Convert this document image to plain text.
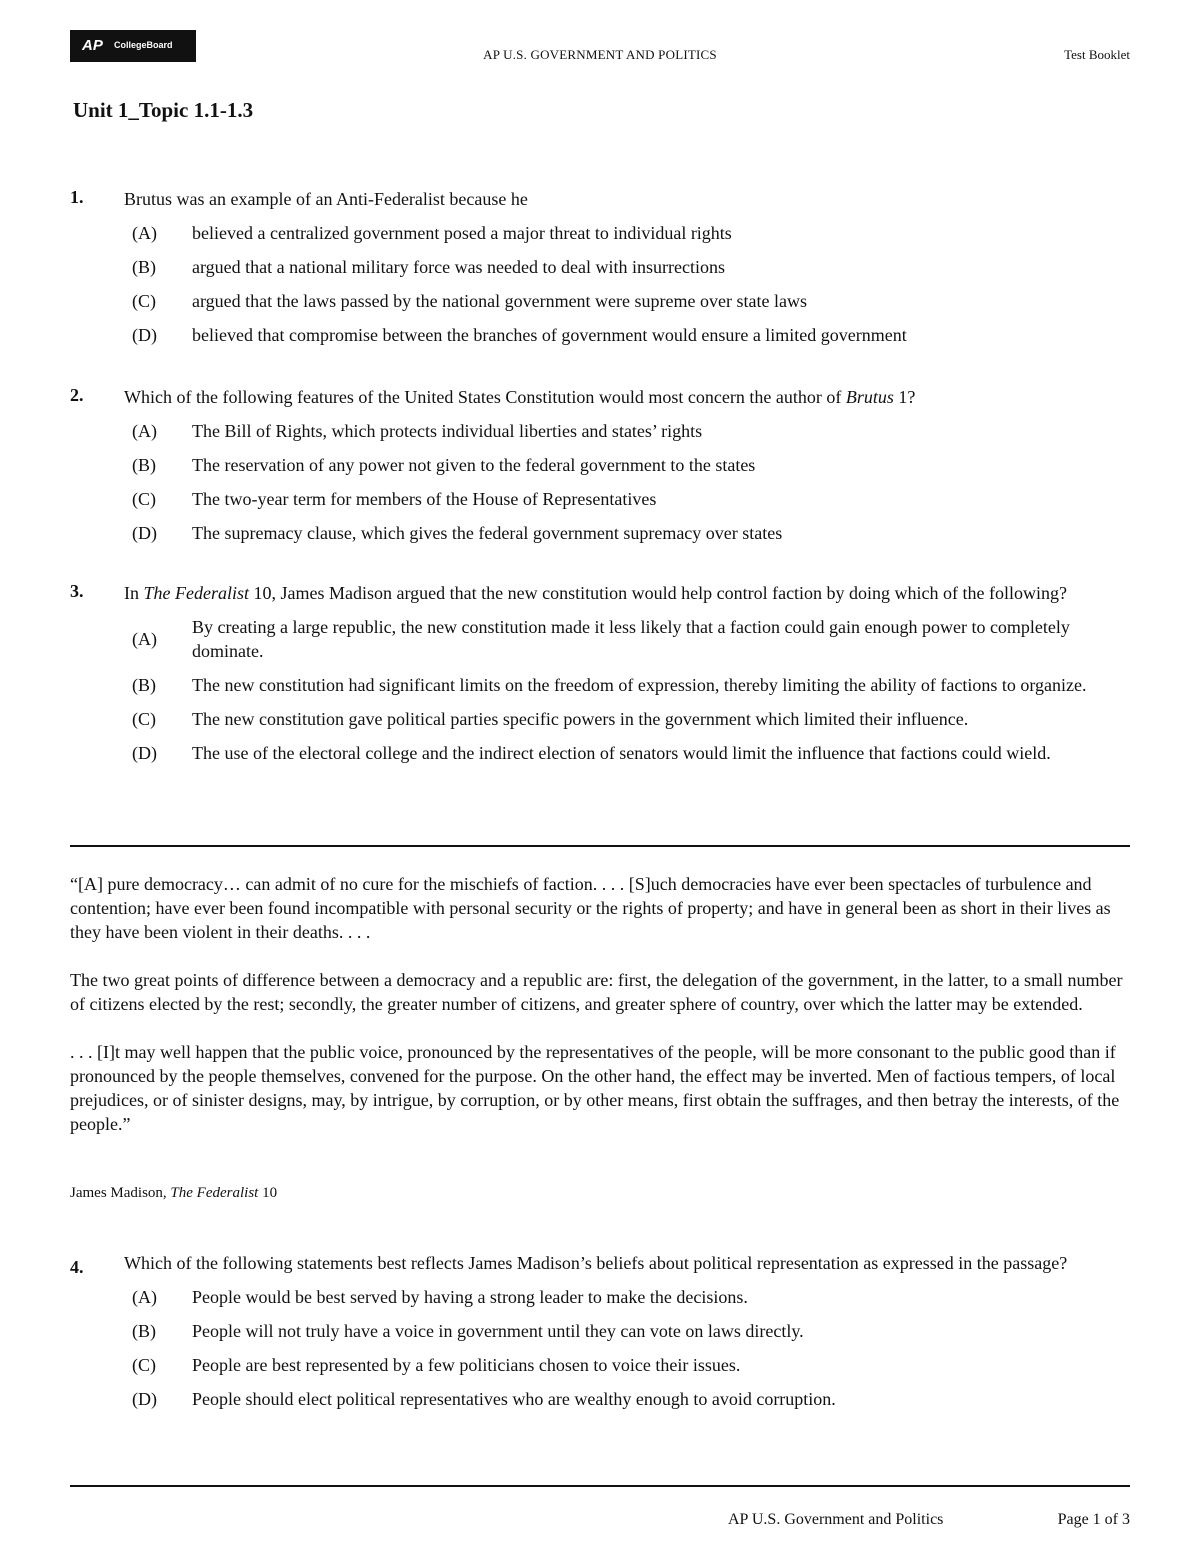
AP CollegeBoard
AP U.S. GOVERNMENT AND POLITICS	Test Booklet
Unit 1_Topic 1.1-1.3
1. Brutus was an example of an Anti-Federalist because he
(A)	believed a centralized government posed a major threat to individual rights
(B)	argued that a national military force was needed to deal with insurrections
(C)	argued that the laws passed by the national government were supreme over state laws
(D)	believed that compromise between the branches of government would ensure a limited government
2. Which of the following features of the United States Constitution would most concern the author of Brutus 1?
(A)	The Bill of Rights, which protects individual liberties and states’ rights
(B)	The reservation of any power not given to the federal government to the states
(C)	The two-year term for members of the House of Representatives
(D)	The supremacy clause, which gives the federal government supremacy over states
3. In The Federalist 10, James Madison argued that the new constitution would help control faction by doing which of the following?
(A)
By creating a large republic, the new constitution made it less likely that a faction could gain enough power to completely dominate.
(B)	The new constitution had significant limits on the freedom of expression, thereby limiting the ability of factions to organize.
(C)	The new constitution gave political parties specific powers in the government which limited their influence.
(D)	The use of the electoral college and the indirect election of senators would limit the influence that factions could wield.

“[A] pure democracy… can admit of no cure for the mischiefs of faction. . . . [S]uch democracies have ever been spectacles of turbulence and contention; have ever been found incompatible with personal security or the rights of property; and have in general been as short in their lives as they have been violent in their deaths. . . .

The two great points of difference between a democracy and a republic are: first, the delegation of the government, in the latter, to a small number of citizens elected by the rest; secondly, the greater number of citizens, and greater sphere of country, over which the latter may be extended.

. . . [I]t may well happen that the public voice, pronounced by the representatives of the people, will be more consonant to the public good than if pronounced by the people themselves, convened for the purpose. On the other hand, the effect may be inverted. Men of factious tempers, of local prejudices, or of sinister designs, may, by intrigue, by corruption, or by other means, first obtain the suffrages, and then betray the interests, of the people.”

James Madison, The Federalist 10
4. Which of the following statements best reflects James Madison’s beliefs about political representation as expressed in the passage?
(A)	People would be best served by having a strong leader to make the decisions.
(B)	People will not truly have a voice in government until they can vote on laws directly.
(C)	People are best represented by a few politicians chosen to voice their issues.
(D)	People should elect political representatives who are wealthy enough to avoid corruption.
AP U.S. Government and Politics	Page 1 of 3
